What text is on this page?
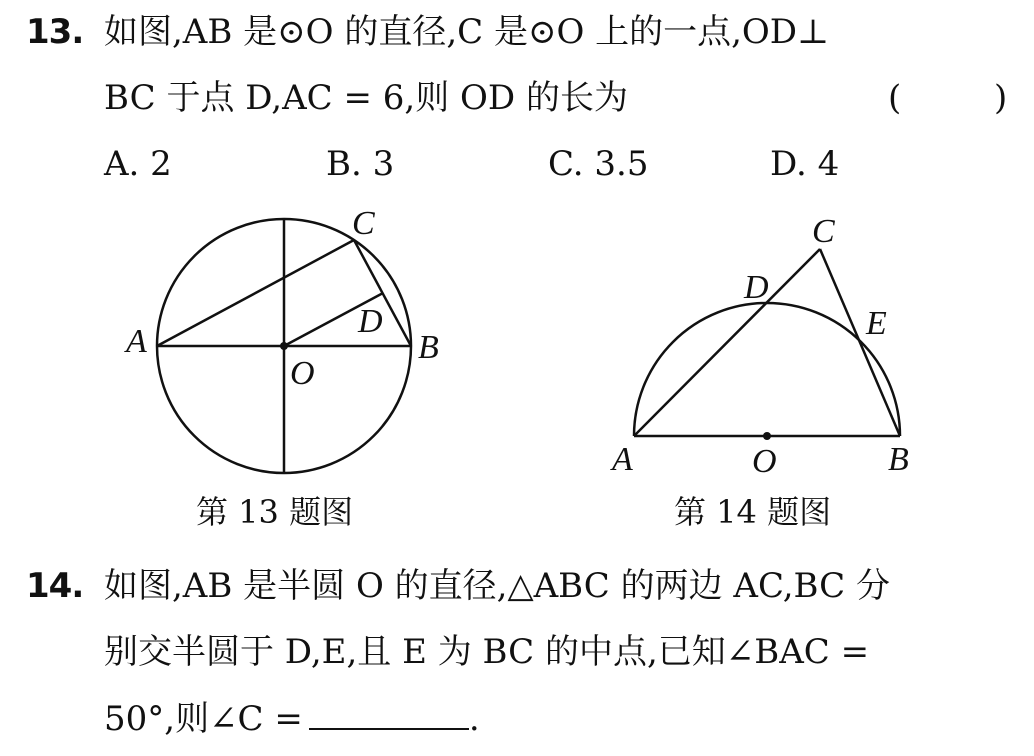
13. 如图,AB 是⊙O 的直径,C 是⊙O 上的一点,OD⊥
BC 于点 D,AC = 6,则 OD 的长为	(	)
A. 2	B. 3	C. 3.5	D. 4
A	B
C
D
O
A	B
C
D
E
O
第 13 题图	第 14 题图
14. 如图,AB 是半圆 O 的直径,△ABC 的两边 AC,BC 分
别交半圆于 D,E,且 E 为 BC 的中点,已知∠BAC =
50°,则∠C =	.
